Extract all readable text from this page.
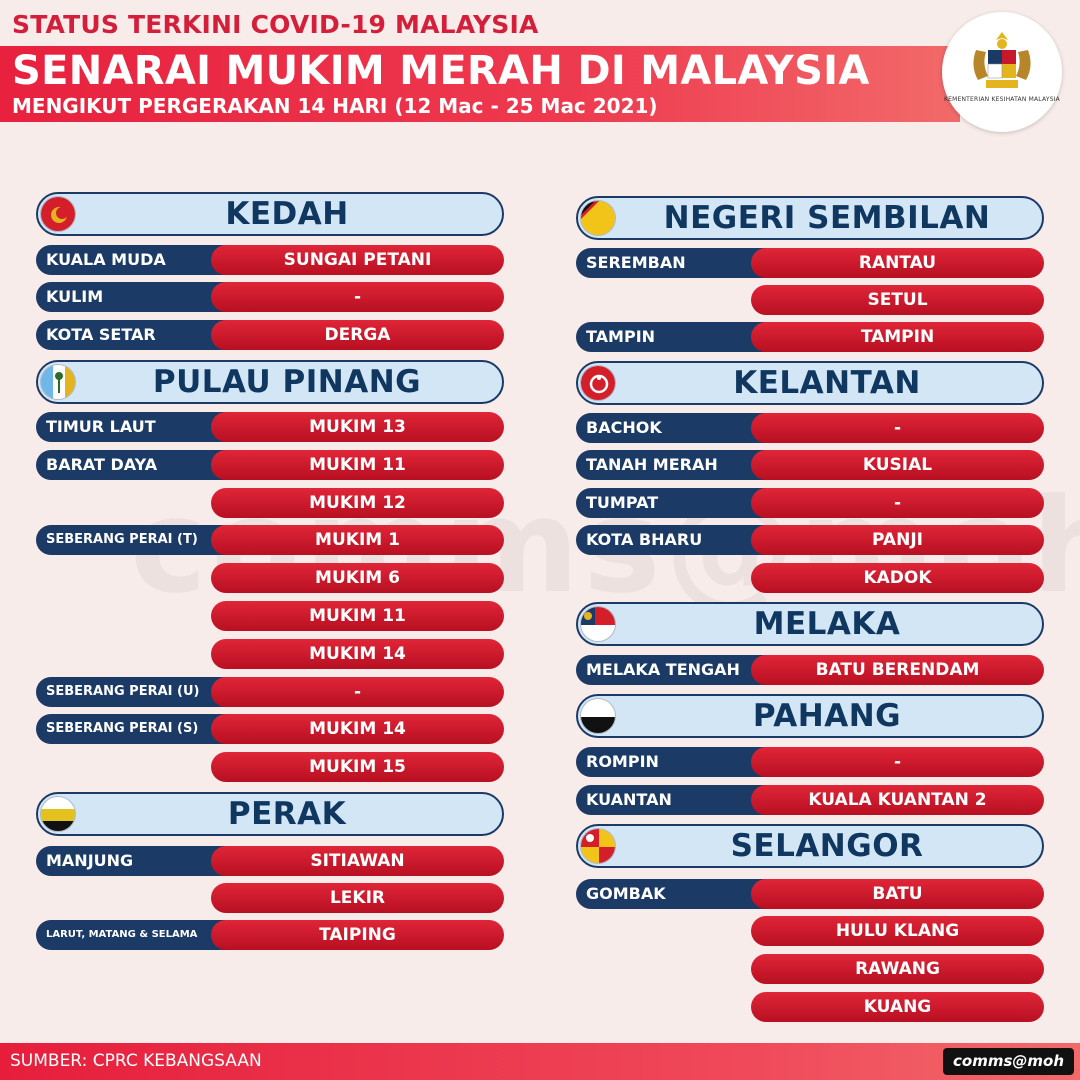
STATUS TERKINI COVID-19 MALAYSIA
SENARAI MUKIM MERAH DI MALAYSIA
MENGIKUT PERGERAKAN 14 HARI (12 Mac - 25 Mac 2021)	KEMENTERIAN KESIHATAN MALAYSIA
KEDAH
KUALA MUDA	SUNGAI PETANI
KULIM	-
KOTA SETAR	DERGA
PULAU PINANG
TIMUR LAUT	MUKIM 13
BARAT DAYA	MUKIM 11
MUKIM 12
SEBERANG PERAI (T)	MUKIM 1
MUKIM 6
MUKIM 11
MUKIM 14
SEBERANG PERAI (U)	-
SEBERANG PERAI (S)	MUKIM 14
MUKIM 15
PERAK
MANJUNG	SITIAWAN
LEKIR
LARUT, MATANG & SELAMA	TAIPING
NEGERI SEMBILAN
SEREMBAN	RANTAU
SETUL
TAMPIN	TAMPIN
KELANTAN
BACHOK	-
TANAH MERAH	KUSIAL
TUMPAT	-
KOTA BHARU	PANJI
KADOK
MELAKA
MELAKA TENGAH	BATU BERENDAM
PAHANG
ROMPIN	-
KUANTAN	KUALA KUANTAN 2
SELANGOR
GOMBAK	BATU
HULU KLANG
RAWANG
KUANG
SUMBER: CPRC KEBANGSAAN	comms@moh
